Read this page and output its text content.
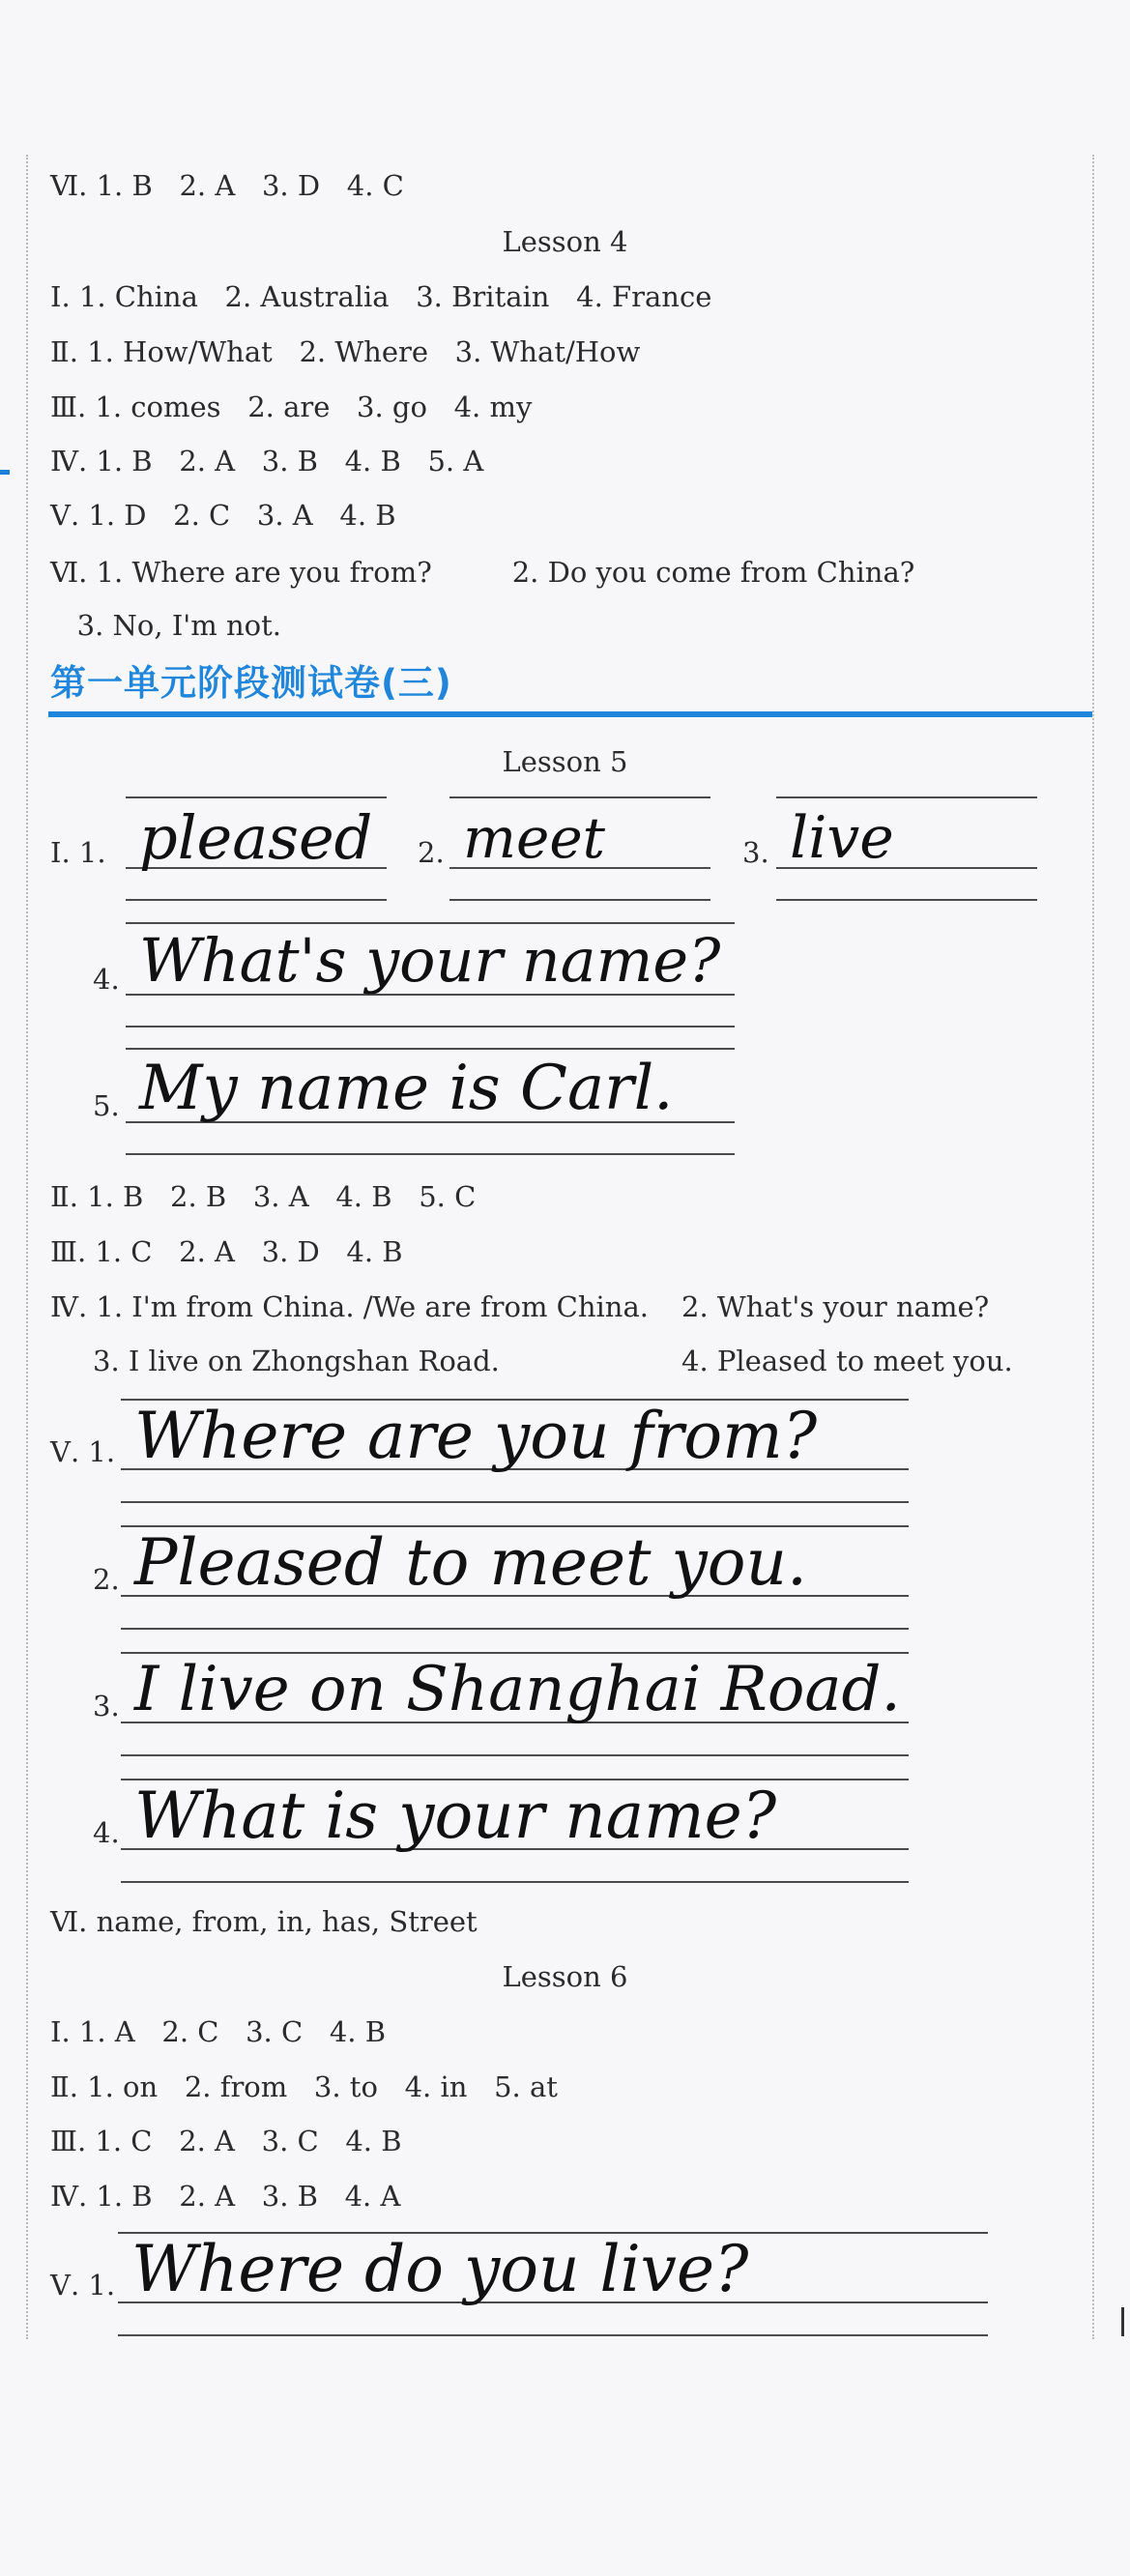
Ⅵ. 1. B   2. A   3. D   4. C
Lesson 4
Ⅰ. 1. China   2. Australia   3. Britain   4. France
Ⅱ. 1. How/What   2. Where   3. What/How
Ⅲ. 1. comes   2. are   3. go   4. my
Ⅳ. 1. B   2. A   3. B   4. B   5. A
Ⅴ. 1. D   2. C   3. A   4. B
Ⅵ. 1. Where are you from?         2. Do you come from China?
3. No, I'm not.
第一单元阶段测试卷(三)
Lesson 5
Ⅰ. 1. pleased 2. meet	3. live
4. What's your name?
5. My name is Carl.
Ⅱ. 1. B   2. B   3. A   4. B   5. C
Ⅲ. 1. C   2. A   3. D   4. B
Ⅳ. 1. I'm from China. /We are from China. 2. What's your name?
3. I live on Zhongshan Road.	4. Pleased to meet you.
Ⅴ. 1. Where are you from?
2. Pleased to meet you.
3. I live on Shanghai Road.
4. What is your name?
Ⅵ. name, from, in, has, Street
Lesson 6
Ⅰ. 1. A   2. C   3. C   4. B
Ⅱ. 1. on   2. from   3. to   4. in   5. at
Ⅲ. 1. C   2. A   3. C   4. B
Ⅳ. 1. B   2. A   3. B   4. A
Ⅴ. 1. Where do you live?
